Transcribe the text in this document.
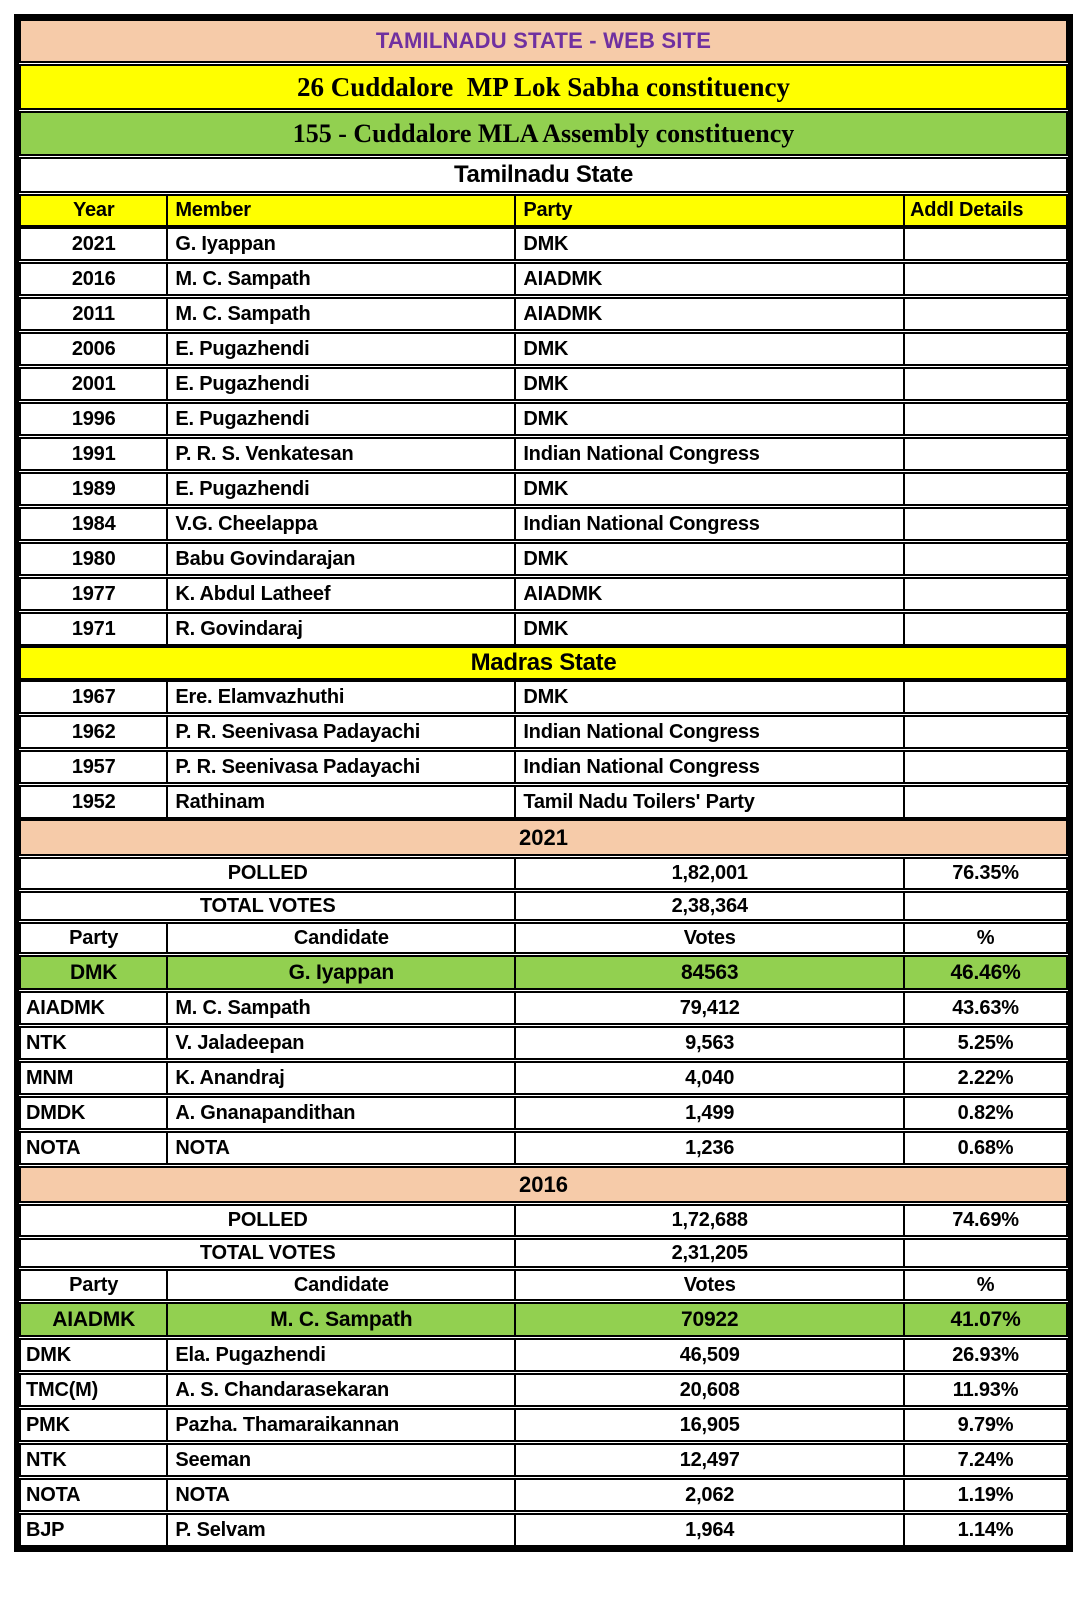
TAMILNADU STATE - WEB SITE
26 Cuddalore  MP Lok Sabha constituency
155 - Cuddalore MLA Assembly constituency
Tamilnadu State
Year	Member	Party	Addl Details
2021	G. Iyappan	DMK
2016	M. C. Sampath	AIADMK
2011	M. C. Sampath	AIADMK
2006	E. Pugazhendi	DMK
2001	E. Pugazhendi	DMK
1996	E. Pugazhendi	DMK
1991	P. R. S. Venkatesan	Indian National Congress
1989	E. Pugazhendi	DMK
1984	V.G. Cheelappa	Indian National Congress
1980	Babu Govindarajan	DMK
1977	K. Abdul Latheef	AIADMK
1971	R. Govindaraj	DMK
Madras State
1967	Ere. Elamvazhuthi	DMK
1962	P. R. Seenivasa Padayachi	Indian National Congress
1957	P. R. Seenivasa Padayachi	Indian National Congress
1952	Rathinam	Tamil Nadu Toilers' Party
2021
POLLED	1,82,001	76.35%
TOTAL VOTES	2,38,364
Party	Candidate	Votes	%
DMK	G. Iyappan	84563	46.46%
AIADMK	M. C. Sampath	79,412	43.63%
NTK	V. Jaladeepan	9,563	5.25%
MNM	K. Anandraj	4,040	2.22%
DMDK	A. Gnanapandithan	1,499	0.82%
NOTA	NOTA	1,236	0.68%
2016
POLLED	1,72,688	74.69%
TOTAL VOTES	2,31,205
Party	Candidate	Votes	%
AIADMK	M. C. Sampath	70922	41.07%
DMK	Ela. Pugazhendi	46,509	26.93%
TMC(M)	A. S. Chandarasekaran	20,608	11.93%
PMK	Pazha. Thamaraikannan	16,905	9.79%
NTK	Seeman	12,497	7.24%
NOTA	NOTA	2,062	1.19%
BJP	P. Selvam	1,964	1.14%
